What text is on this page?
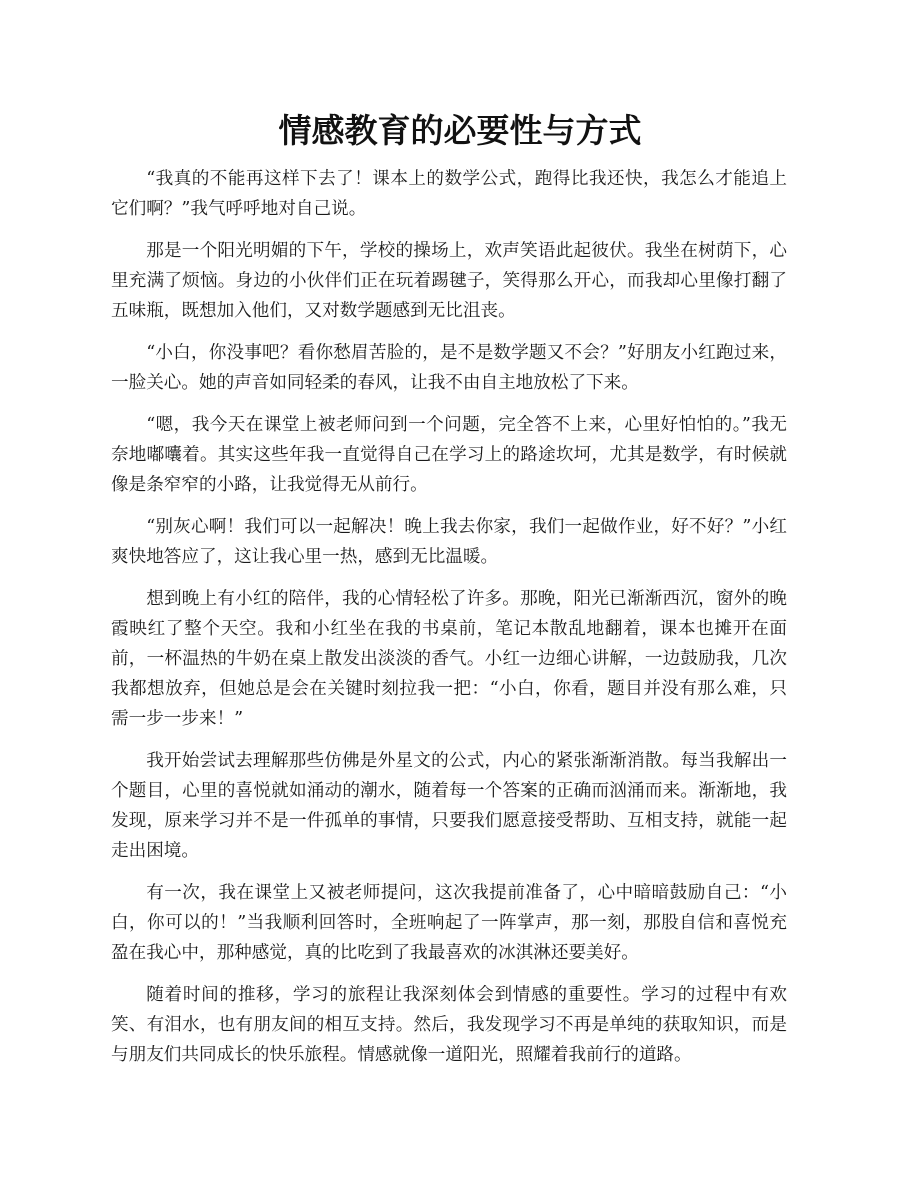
情感教育的必要性与方式

“我真的不能再这样下去了！课本上的数学公式，跑得比我还快，我怎么才能追上它们啊？”我气呼呼地对自己说。

那是一个阳光明媚的下午，学校的操场上，欢声笑语此起彼伏。我坐在树荫下，心里充满了烦恼。身边的小伙伴们正在玩着踢毽子，笑得那么开心，而我却心里像打翻了五味瓶，既想加入他们，又对数学题感到无比沮丧。

“小白，你没事吧？看你愁眉苦脸的，是不是数学题又不会？”好朋友小红跑过来，一脸关心。她的声音如同轻柔的春风，让我不由自主地放松了下来。

“嗯，我今天在课堂上被老师问到一个问题，完全答不上来，心里好怕怕的。”我无奈地嘟囔着。其实这些年我一直觉得自己在学习上的路途坎坷，尤其是数学，有时候就像是条窄窄的小路，让我觉得无从前行。

“别灰心啊！我们可以一起解决！晚上我去你家，我们一起做作业，好不好？”小红爽快地答应了，这让我心里一热，感到无比温暖。

想到晚上有小红的陪伴，我的心情轻松了许多。那晚，阳光已渐渐西沉，窗外的晚霞映红了整个天空。我和小红坐在我的书桌前，笔记本散乱地翻着，课本也摊开在面前，一杯温热的牛奶在桌上散发出淡淡的香气。小红一边细心讲解，一边鼓励我，几次我都想放弃，但她总是会在关键时刻拉我一把：“小白，你看，题目并没有那么难，只需一步一步来！”

我开始尝试去理解那些仿佛是外星文的公式，内心的紧张渐渐消散。每当我解出一个题目，心里的喜悦就如涌动的潮水，随着每一个答案的正确而汹涌而来。渐渐地，我发现，原来学习并不是一件孤单的事情，只要我们愿意接受帮助、互相支持，就能一起走出困境。

有一次，我在课堂上又被老师提问，这次我提前准备了，心中暗暗鼓励自己：“小白，你可以的！”当我顺利回答时，全班响起了一阵掌声，那一刻，那股自信和喜悦充盈在我心中，那种感觉，真的比吃到了我最喜欢的冰淇淋还要美好。

随着时间的推移，学习的旅程让我深刻体会到情感的重要性。学习的过程中有欢笑、有泪水，也有朋友间的相互支持。然后，我发现学习不再是单纯的获取知识，而是与朋友们共同成长的快乐旅程。情感就像一道阳光，照耀着我前行的道路。
